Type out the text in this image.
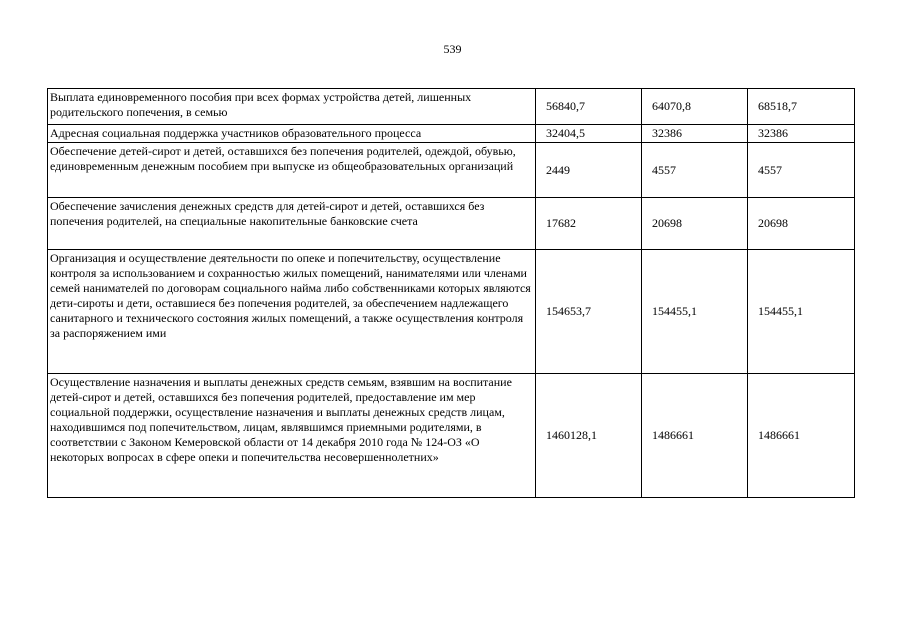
539
Выплата единовременного пособия при всех формах устройства детей, лишенных родительского попечения, в семью	56840,7	64070,8	68518,7
Адресная социальная поддержка участников образовательного процесса	32404,5	32386	32386
Обеспечение детей-сирот и детей, оставшихся без попечения родителей, одеждой, обувью, единовременным денежным пособием при выпуске из общеобразовательных организаций	2449	4557	4557
Обеспечение зачисления денежных средств для детей-сирот и детей, оставшихся без попечения родителей, на специальные накопительные банковские счета	17682	20698	20698
Организация и осуществление деятельности по опеке и попечительству, осуществление контроля за использованием и сохранностью жилых помещений, нанимателями или членами семей нанимателей по договорам социального найма либо собственниками которых являются дети-сироты и дети, оставшиеся без попечения родителей, за обеспечением надлежащего санитарного и технического состояния жилых помещений, а также осуществления контроля за распоряжением ими	154653,7	154455,1	154455,1
Осуществление назначения и выплаты денежных средств семьям, взявшим на воспитание детей-сирот и детей, оставшихся без попечения родителей, предоставление им мер социальной поддержки, осуществление назначения и выплаты денежных средств лицам, находившимся под попечительством, лицам, являвшимся приемными родителями, в соответствии с Законом Кемеровской области от 14 декабря 2010 года № 124-ОЗ «О некоторых вопросах в сфере опеки и попечительства несовершеннолетних»	1460128,1	1486661	1486661
